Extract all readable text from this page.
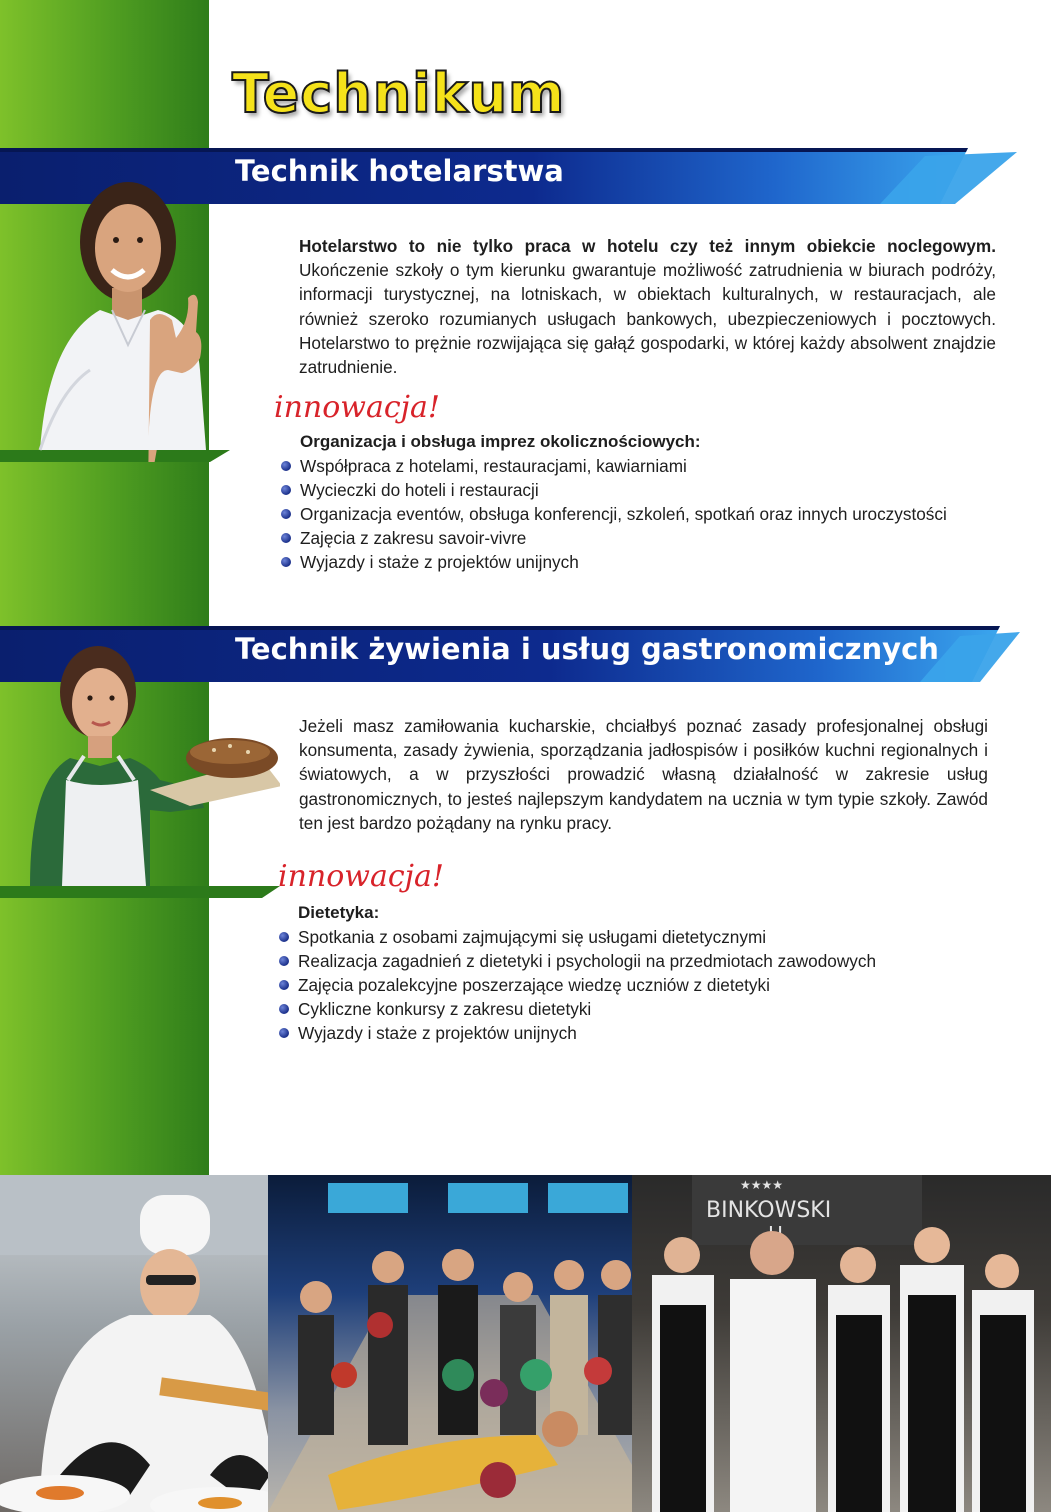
Technikum
Technik hotelarstwa

Hotelarstwo to nie tylko praca w hotelu czy też innym obiekcie noclegowym. Ukończenie szkoły o tym kierunku gwarantuje możliwość zatrudnienia w biurach podróży, informacji turystycznej, na lotniskach, w obiektach kulturalnych, w restauracjach, ale również szeroko rozumianych usługach bankowych, ubezpieczeniowych i pocztowych. Hotelarstwo to prężnie rozwijająca się gałąź gospodarki, w której każdy absolwent znajdzie zatrudnienie.

innowacja!

Organizacja i obsługa imprez okolicznościowych:

Współpraca z hotelami, restauracjami, kawiarniami
Wycieczki do hoteli i restauracji
Organizacja eventów, obsługa konferencji, szkoleń, spotkań oraz innych uroczystości
Zajęcia z zakresu savoir-vivre
Wyjazdy i staże z projektów unijnych
Technik żywienia i usług gastronomicznych

Jeżeli masz zamiłowania kucharskie, chciałbyś poznać zasady profesjonalnej obsługi konsumenta, zasady żywienia, sporządzania jadłospisów i posiłków kuchni regionalnych i światowych, a w przyszłości prowadzić własną działalność w zakresie usług gastronomicznych, to jesteś najlepszym kandydatem na ucznia w tym typie szkoły. Zawód ten jest bardzo pożądany na rynku pracy.

innowacja!

Dietetyka:

Spotkania z osobami zajmującymi się usługami dietetycznymi
Realizacja zagadnień z dietetyki i psychologii na przedmiotach zawodowych
Zajęcia pozalekcyjne poszerzające wiedzę uczniów z dietetyki
Cykliczne konkursy z zakresu dietetyki
Wyjazdy i staże z projektów unijnych
★★★★
BINKOWSKI
